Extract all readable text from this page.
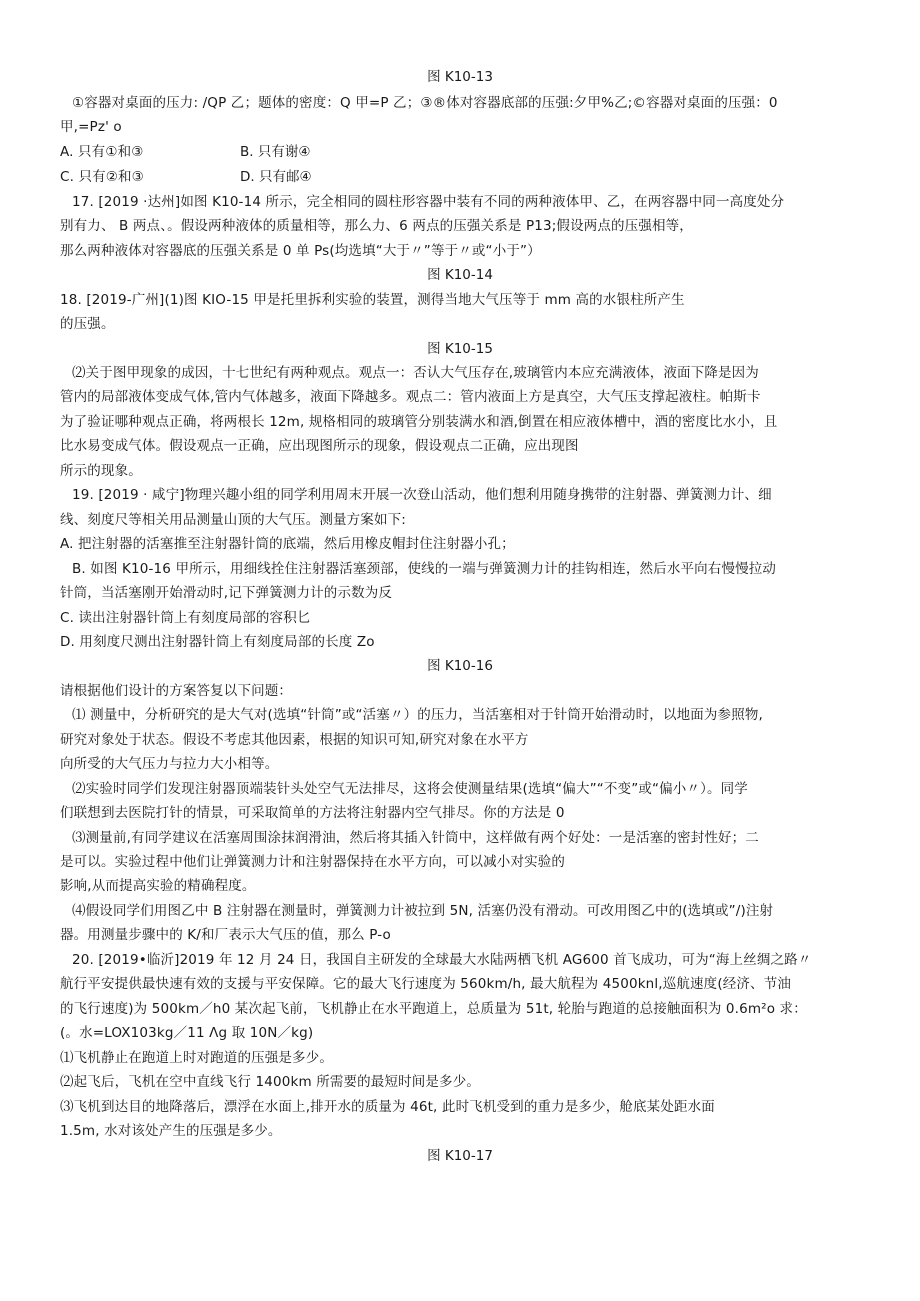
图 K10-13
①容器对桌面的压力: /QP 乙；题体的密度：Q 甲=P 乙；③®体对容器底部的压强:夕甲%乙;©容器对桌面的压强：0
甲,=Pz' o
A. 只有①和③	B. 只有谢④
C. 只有②和③	D. 只有邮④
17. [2019 ·达州]如图 K10-14 所示，完全相同的圆柱形容器中装有不同的两种液体甲、乙，在两容器中同一高度处分
别有力、 B 两点、。假设两种液体的质量相等，那么力、6 两点的压强关系是 P13;假设两点的压强相等，
那么两种液体对容器底的压强关系是 0 单 Ps(均选填“大于〃”等于〃或“小于”）
图 K10-14
18. [2019-广州](1)图 KIO-15 甲是托里拆利实验的装置，测得当地大气压等于 mm 高的水银柱所产生
的压强。
图 K10-15
⑵关于图甲现象的成因，十七世纪有两种观点。观点一：否认大气压存在,玻璃管内本应充满液体，液面下降是因为
管内的局部液体变成气体,管内气体越多，液面下降越多。观点二：管内液面上方是真空，大气压支撑起液柱。帕斯卡
为了验证哪种观点正确，将两根长 12m, 规格相同的玻璃管分别装满水和酒,倒置在相应液体槽中，酒的密度比水小，且
比水易变成气体。假设观点一正确，应出现图所示的现象，假设观点二正确，应出现图
所示的现象。
19. [2019 · 咸宁]物理兴趣小组的同学利用周末开展一次登山活动，他们想利用随身携带的注射器、弹簧测力计、细
线、刻度尺等相关用品测量山顶的大气压。测量方案如下:
A. 把注射器的活塞推至注射器针筒的底端，然后用橡皮帽封住注射器小孔；
B. 如图 K10-16 甲所示，用细线拴住注射器活塞颈部，使线的一端与弹簧测力计的挂钩相连，然后水平向右慢慢拉动
针筒，当活塞刚开始滑动时,记下弹簧测力计的示数为反
C. 读出注射器针筒上有刻度局部的容积匕
D. 用刻度尺测出注射器针筒上有刻度局部的长度 Zo
图 K10-16
请根据他们设计的方案答复以下问题：
⑴ 测量中，分析研究的是大气对(选填“针筒”或“活塞〃）的压力，当活塞相对于针筒开始滑动时，以地面为参照物,
研究对象处于状态。假设不考虑其他因素，根据的知识可知,研究对象在水平方
向所受的大气压力与拉力大小相等。
⑵实验时同学们发现注射器顶端装针头处空气无法排尽，这将会使测量结果(选填“偏大”“不变”或“偏小〃）。同学
们联想到去医院打针的情景，可采取简单的方法将注射器内空气排尽。你的方法是 0
⑶测量前,有同学建议在活塞周围涂抹润滑油，然后将其插入针筒中，这样做有两个好处：一是活塞的密封性好；二
是可以。实验过程中他们让弹簧测力计和注射器保持在水平方向，可以减小对实验的
影响,从而提高实验的精确程度。
⑷假设同学们用图乙中 B 注射器在测量时，弹簧测力计被拉到 5N, 活塞仍没有滑动。可改用图乙中的(选填或”/)注射
器。用测量步骤中的 K/和厂表示大气压的值，那么 P-o
20. [2019•临沂]2019 年 12 月 24 日，我国自主研发的全球最大水陆两栖飞机 AG600 首飞成功，可为“海上丝绸之路〃
航行平安提供最快速有效的支援与平安保障。它的最大飞行速度为 560km/h, 最大航程为 4500knl,巡航速度(经济、节油
的飞行速度)为 500km／h0 某次起飞前，飞机静止在水平跑道上，总质量为 51t, 轮胎与跑道的总接触面积为 0.6m²o 求：
(。水=LOX103kg／11 Λg 取 10N／kg)
⑴飞机静止在跑道上时对跑道的压强是多少。
⑵起飞后，飞机在空中直线飞行 1400km 所需要的最短时间是多少。
⑶飞机到达目的地降落后，漂浮在水面上,排开水的质量为 46t, 此时飞机受到的重力是多少，舱底某处距水面
1.5m, 水对该处产生的压强是多少。
图 K10-17
